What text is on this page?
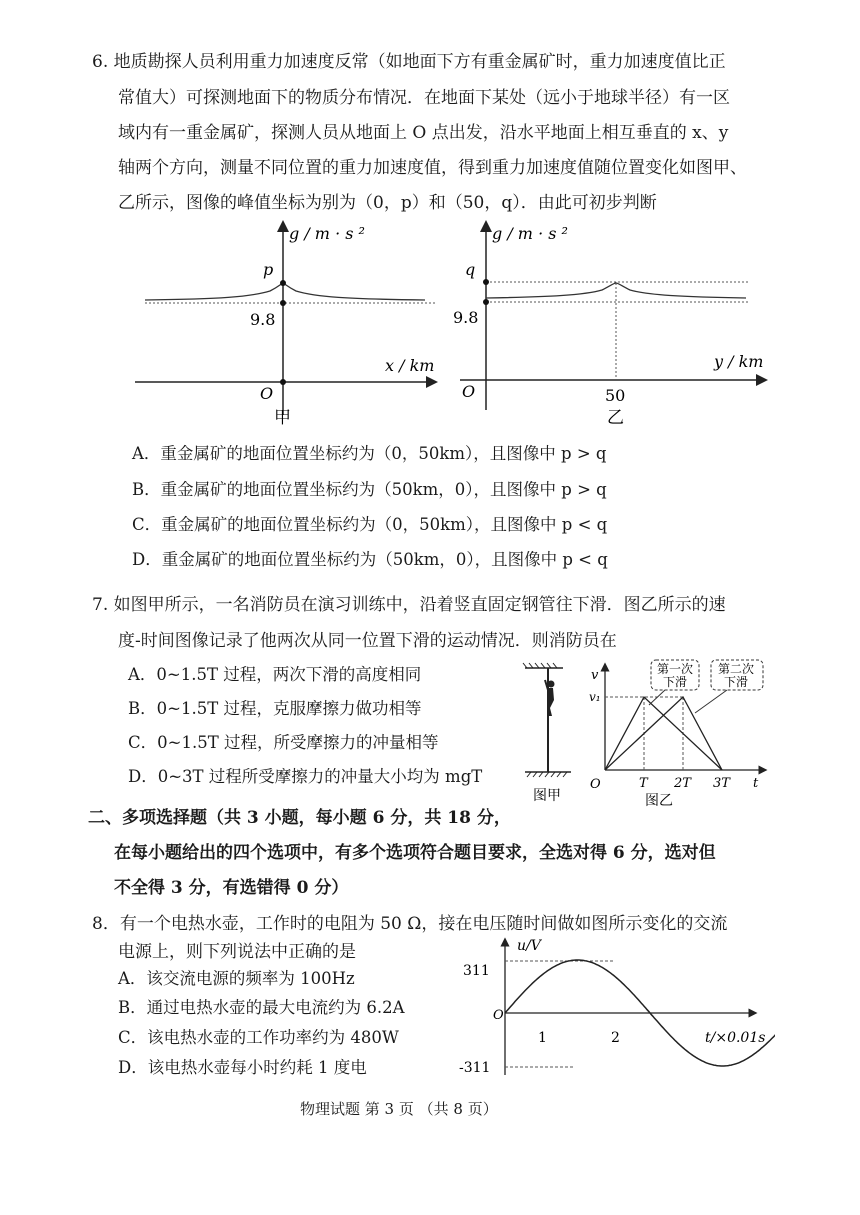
6. 地质勘探人员利用重力加速度反常（如地面下方有重金属矿时，重力加速度值比正
常值大）可探测地面下的物质分布情况．在地面下某处（远小于地球半径）有一区
域内有一重金属矿，探测人员从地面上 O 点出发，沿水平地面上相互垂直的 x、y
轴两个方向，测量不同位置的重力加速度值，得到重力加速度值随位置变化如图甲、
乙所示，图像的峰值坐标为别为（0，p）和（50，q）．由此可初步判断
g / m · s ²
p
9.8
x / km
O
甲
g / m · s ²
q
9.8
y / km
O	50
乙
A．重金属矿的地面位置坐标约为（0，50km），且图像中 p > q
B．重金属矿的地面位置坐标约为（50km，0），且图像中 p > q
C．重金属矿的地面位置坐标约为（0，50km），且图像中 p < q
D．重金属矿的地面位置坐标约为（50km，0），且图像中 p < q
7. 如图甲所示，一名消防员在演习训练中，沿着竖直固定钢管往下滑．图乙所示的速
度-时间图像记录了他两次从同一位置下滑的运动情况．则消防员在
A．0~1.5T 过程，两次下滑的高度相同
B．0~1.5T 过程，克服摩擦力做功相等
C．0~1.5T 过程，所受摩擦力的冲量相等
D．0~3T 过程所受摩擦力的冲量大小均为 mgT
图甲
第一次
下滑
第二次
下滑
v
v₁
O	T 2T 3T t
图乙
二、多项选择题（共 3 小题，每小题 6 分，共 18 分，
在每小题给出的四个选项中，有多个选项符合题目要求，全选对得 6 分，选对但
不全得 3 分，有选错得 0 分）
8．有一个电热水壶，工作时的电阻为 50 Ω，接在电压随时间做如图所示变化的交流
电源上，则下列说法中正确的是
A．该交流电源的频率为 100Hz
B．通过电热水壶的最大电流约为 6.2A
C．该电热水壶的工作功率约为 480W
D．该电热水壶每小时约耗 1 度电
u/V
311
-311
O
1	2	t/×0.01s
物理试题 第 3 页 （共 8 页）
